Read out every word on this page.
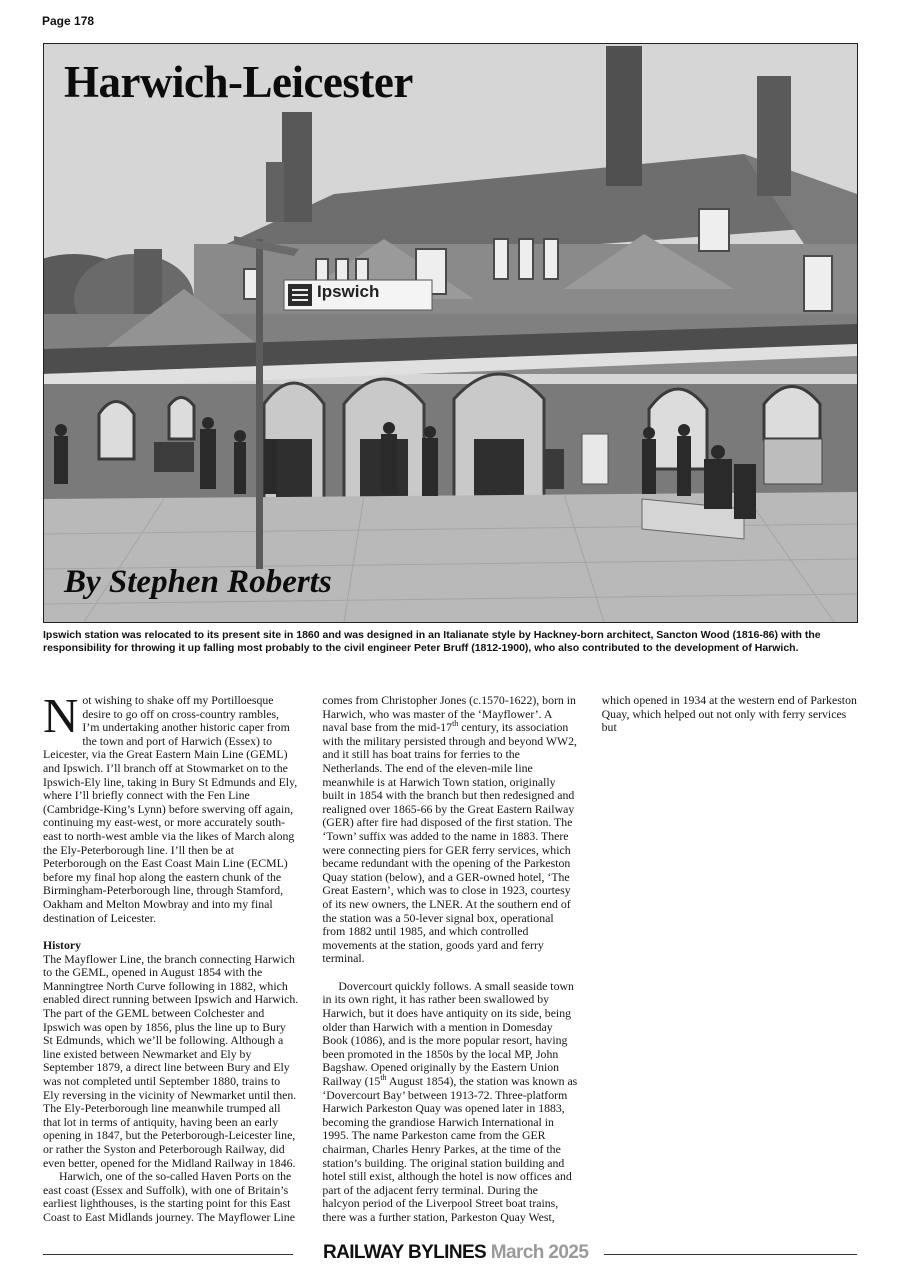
Page 178
Ipswich
Harwich-Leicester
By Stephen Roberts

Ipswich station was relocated to its present site in 1860 and was designed in an Italianate style by Hackney-born architect, Sancton Wood (1816-86) with the responsibility for throwing it up falling most probably to the civil engineer Peter Bruff (1812-1900), who also contributed to the development of Harwich.

Not wishing to shake off my Portilloesque desire to go off on cross-country rambles, I’m undertaking another historic caper from the town and port of Harwich (Essex) to Leicester, via the Great Eastern Main Line (GEML) and Ipswich. I’ll branch off at Stowmarket on to the Ipswich-Ely line, taking in Bury St Edmunds and Ely, where I’ll briefly connect with the Fen Line (Cambridge-King’s Lynn) before swerving off again, continuing my east-west, or more accurately south-east to north-west amble via the likes of March along the Ely-Peterborough line. I’ll then be at Peterborough on the East Coast Main Line (ECML) before my final hop along the eastern chunk of the Birmingham-Peterborough line, through Stamford, Oakham and Melton Mowbray and into my final destination of Leicester.

History

The Mayflower Line, the branch connecting Harwich to the GEML, opened in August 1854 with the Manningtree North Curve following in 1882, which enabled direct running between Ipswich and Harwich. The part of the GEML between Colchester and Ipswich was open by 1856, plus the line up to Bury St Edmunds, which we’ll be following. Although a line existed between Newmarket and Ely by September 1879, a direct line between Bury and Ely was not completed until September 1880, trains to Ely reversing in the vicinity of Newmarket until then. The Ely-Peterborough line meanwhile trumped all that lot in terms of antiquity, having been an early opening in 1847, but the Peterborough-Leicester line, or rather the Syston and Peterborough Railway, did even better, opened for the Midland Railway in 1846.

Harwich, one of the so-called Haven Ports on the east coast (Essex and Suffolk), with one of Britain’s earliest lighthouses, is the starting point for this East Coast to East Midlands journey. The Mayflower Line comes from Christopher Jones (c.1570-1622), born in Harwich, who was master of the ‘Mayflower’. A naval base from the mid-17th century, its association with the military persisted through and beyond WW2, and it still has boat trains for ferries to the Netherlands. The end of the eleven-mile line meanwhile is at Harwich Town station, originally built in 1854 with the branch but then redesigned and realigned over 1865-66 by the Great Eastern Railway (GER) after fire had disposed of the first station. The ‘Town’ suffix was added to the name in 1883. There were connecting piers for GER ferry services, which became redundant with the opening of the Parkeston Quay station (below), and a GER-owned hotel, ‘The Great Eastern’, which was to close in 1923, courtesy of its new owners, the LNER. At the southern end of the station was a 50-lever signal box, operational from 1882 until 1985, and which controlled movements at the station, goods yard and ferry terminal.

Dovercourt quickly follows. A small seaside town in its own right, it has rather been swallowed by Harwich, but it does have antiquity on its side, being older than Harwich with a mention in Domesday Book (1086), and is the more popular resort, having been promoted in the 1850s by the local MP, John Bagshaw. Opened originally by the Eastern Union Railway (15th August 1854), the station was known as ‘Dovercourt Bay’ between 1913-72. Three-platform Harwich Parkeston Quay was opened later in 1883, becoming the grandiose Harwich International in 1995. The name Parkeston came from the GER chairman, Charles Henry Parkes, at the time of the station’s building. The original station building and hotel still exist, although the hotel is now offices and part of the adjacent ferry terminal. During the halcyon period of the Liverpool Street boat trains, there was a further station, Parkeston Quay West, which opened in 1934 at the western end of Parkeston Quay, which helped out not only with ferry services but

RAILWAY BYLINES March 2025
